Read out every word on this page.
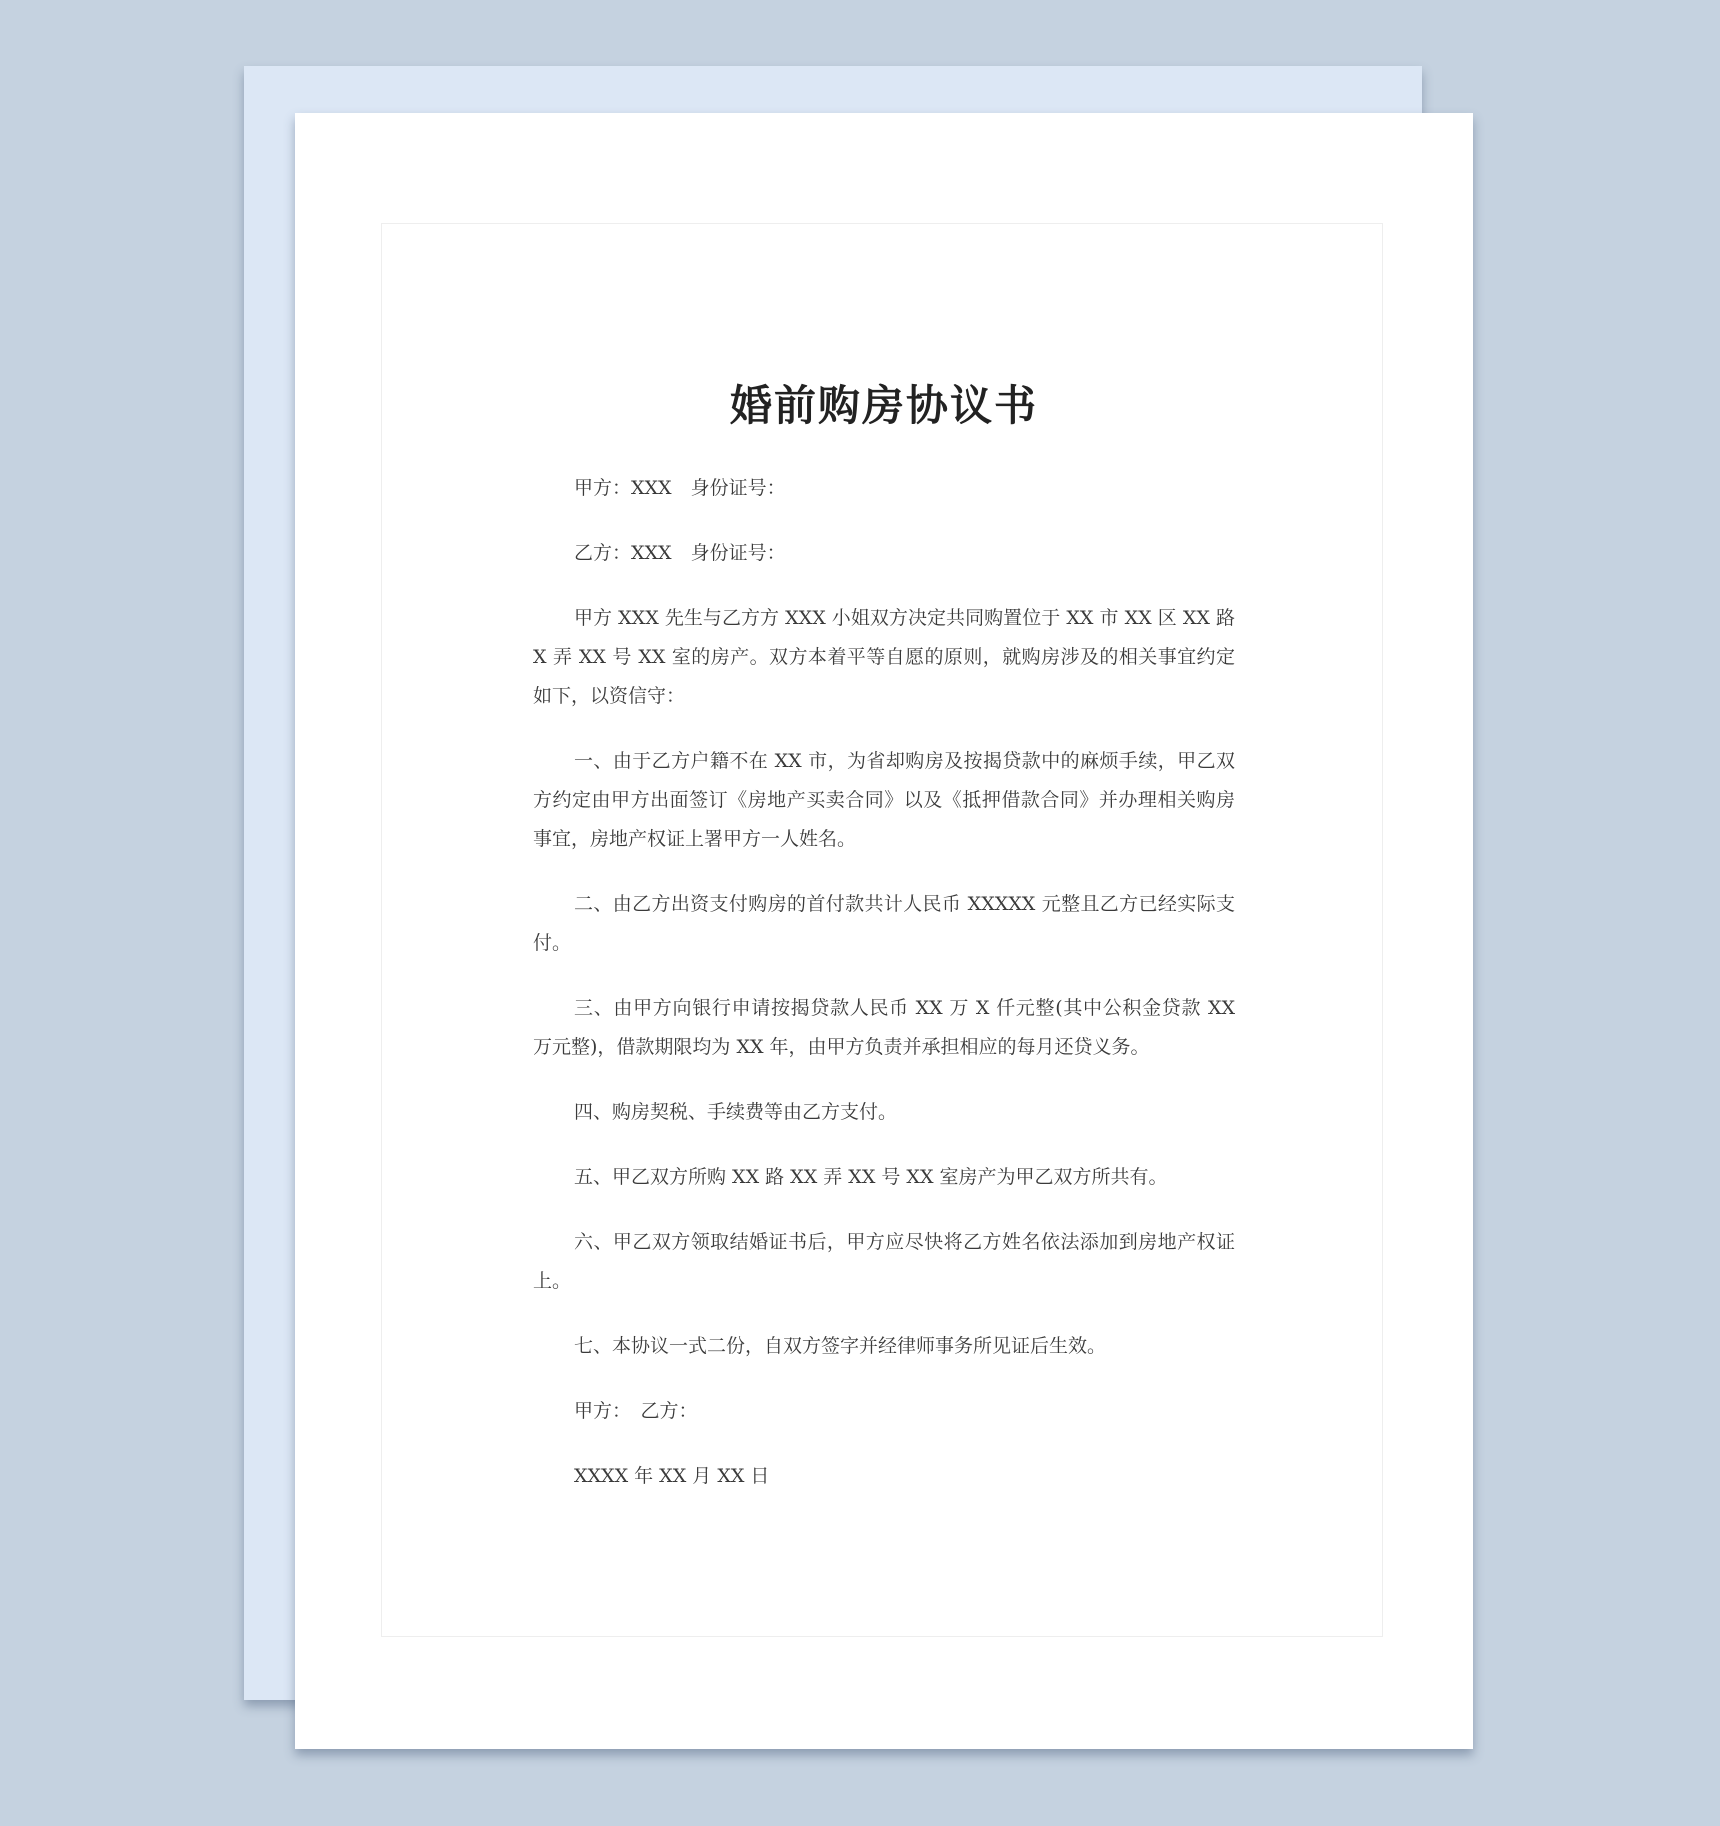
婚前购房协议书

甲方：XXX　身份证号：

乙方：XXX　身份证号：

甲方 XXX 先生与乙方方 XXX 小姐双方决定共同购置位于 XX 市 XX 区 XX 路 X 弄 XX 号 XX 室的房产。双方本着平等自愿的原则，就购房涉及的相关事宜约定如下，以资信守：

一、由于乙方户籍不在 XX 市，为省却购房及按揭贷款中的麻烦手续，甲乙双方约定由甲方出面签订《房地产买卖合同》以及《抵押借款合同》并办理相关购房事宜，房地产权证上署甲方一人姓名。

二、由乙方出资支付购房的首付款共计人民币 XXXXX 元整且乙方已经实际支付。

三、由甲方向银行申请按揭贷款人民币 XX 万 X 仟元整(其中公积金贷款 XX 万元整)，借款期限均为 XX 年，由甲方负责并承担相应的每月还贷义务。

四、购房契税、手续费等由乙方支付。

五、甲乙双方所购 XX 路 XX 弄 XX 号 XX 室房产为甲乙双方所共有。

六、甲乙双方领取结婚证书后，甲方应尽快将乙方姓名依法添加到房地产权证上。

七、本协议一式二份，自双方签字并经律师事务所见证后生效。

甲方：　乙方：

XXXX 年 XX 月 XX 日
